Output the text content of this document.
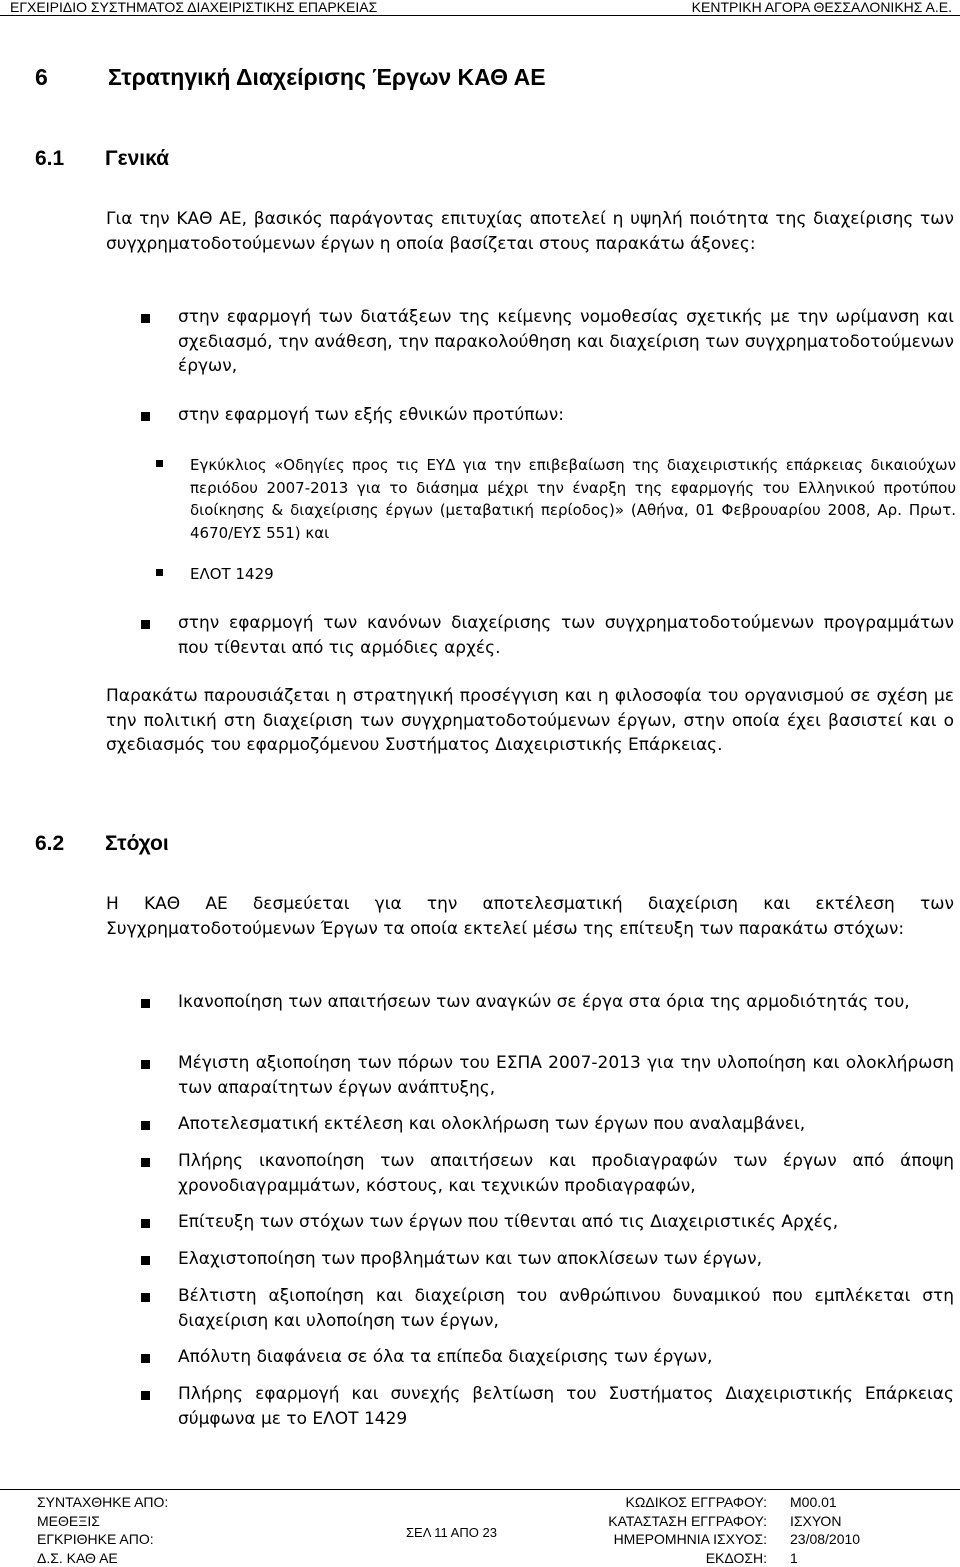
ΕΓΧΕΙΡΙΔΙΟ ΣΥΣΤΗΜΑΤΟΣ ΔΙΑΧΕΙΡΙΣΤΙΚΗΣ ΕΠΑΡΚΕΙΑΣ	ΚΕΝΤΡΙΚΗ ΑΓΟΡΑ ΘΕΣΣΑΛΟΝΙΚΗΣ Α.Ε.
6	Στρατηγική Διαχείρισης Έργων ΚΑΘ ΑΕ
6.1 Γενικά
Για την ΚΑΘ ΑΕ, βασικός παράγοντας επιτυχίας αποτελεί η υψηλή ποιότητα της διαχείρισης των συγχρηματοδοτούμενων έργων η οποία βασίζεται στους παρακάτω άξονες:
στην εφαρμογή των διατάξεων της κείμενης νομοθεσίας σχετικής με την ωρίμανση και σχεδιασμό, την ανάθεση, την παρακολούθηση και διαχείριση των συγχρηματοδοτούμενων έργων,
στην εφαρμογή των εξής εθνικών προτύπων:
Εγκύκλιος «Οδηγίες προς τις ΕΥΔ για την επιβεβαίωση της διαχειριστικής επάρκειας δικαιούχων περιόδου 2007-2013 για το διάσημα μέχρι την έναρξη της εφαρμογής του Ελληνικού προτύπου διοίκησης & διαχείρισης έργων (μεταβατική περίοδος)» (Αθήνα, 01 Φεβρουαρίου 2008, Αρ. Πρωτ. 4670/ΕΥΣ 551) και
ΕΛΟΤ 1429
στην εφαρμογή των κανόνων διαχείρισης των συγχρηματοδοτούμενων προγραμμάτων που τίθενται από τις αρμόδιες αρχές.
Παρακάτω παρουσιάζεται η στρατηγική προσέγγιση και η φιλοσοφία του οργανισμού σε σχέση με την πολιτική στη διαχείριση των συγχρηματοδοτούμενων έργων, στην οποία έχει βασιστεί και ο σχεδιασμός του εφαρμοζόμενου Συστήματος Διαχειριστικής Επάρκειας.
6.2 Στόχοι
Η ΚΑΘ ΑΕ δεσμεύεται για την αποτελεσματική διαχείριση και εκτέλεση των Συγχρηματοδοτούμενων Έργων τα οποία εκτελεί μέσω της επίτευξη των παρακάτω στόχων:
Ικανοποίηση των απαιτήσεων των αναγκών σε έργα στα όρια της αρμοδιότητάς του,
Μέγιστη αξιοποίηση των πόρων του ΕΣΠΑ 2007-2013 για την υλοποίηση και ολοκλήρωση των απαραίτητων έργων ανάπτυξης,
Αποτελεσματική εκτέλεση και ολοκλήρωση των έργων που αναλαμβάνει,
Πλήρης ικανοποίηση των απαιτήσεων και προδιαγραφών των έργων από άποψη χρονοδιαγραμμάτων, κόστους, και τεχνικών προδιαγραφών,
Επίτευξη των στόχων των έργων που τίθενται από τις Διαχειριστικές Αρχές,
Ελαχιστοποίηση των προβλημάτων και των αποκλίσεων των έργων,
Βέλτιστη αξιοποίηση και διαχείριση του ανθρώπινου δυναμικού που εμπλέκεται στη διαχείριση και υλοποίηση των έργων,
Απόλυτη διαφάνεια σε όλα τα επίπεδα διαχείρισης των έργων,
Πλήρης εφαρμογή και συνεχής βελτίωση του Συστήματος Διαχειριστικής Επάρκειας σύμφωνα με το ΕΛΟΤ 1429
ΣΥΝΤΑΧΘΗΚΕ ΑΠΟ:
ΜΕΘΕΞΙΣ
ΕΓΚΡΙΘΗΚΕ ΑΠΟ:
Δ.Σ. ΚΑΘ ΑΕ
ΣΕΛ 11 ΑΠΟ 23
ΚΩΔΙΚΟΣ ΕΓΓΡΑΦΟΥ:
ΚΑΤΑΣΤΑΣΗ ΕΓΓΡΑΦΟΥ:
ΗΜΕΡΟΜΗΝΙΑ ΙΣΧΥΟΣ:
ΕΚΔΟΣΗ:
Μ00.01
ΙΣΧΥΟΝ
23/08/2010
1
